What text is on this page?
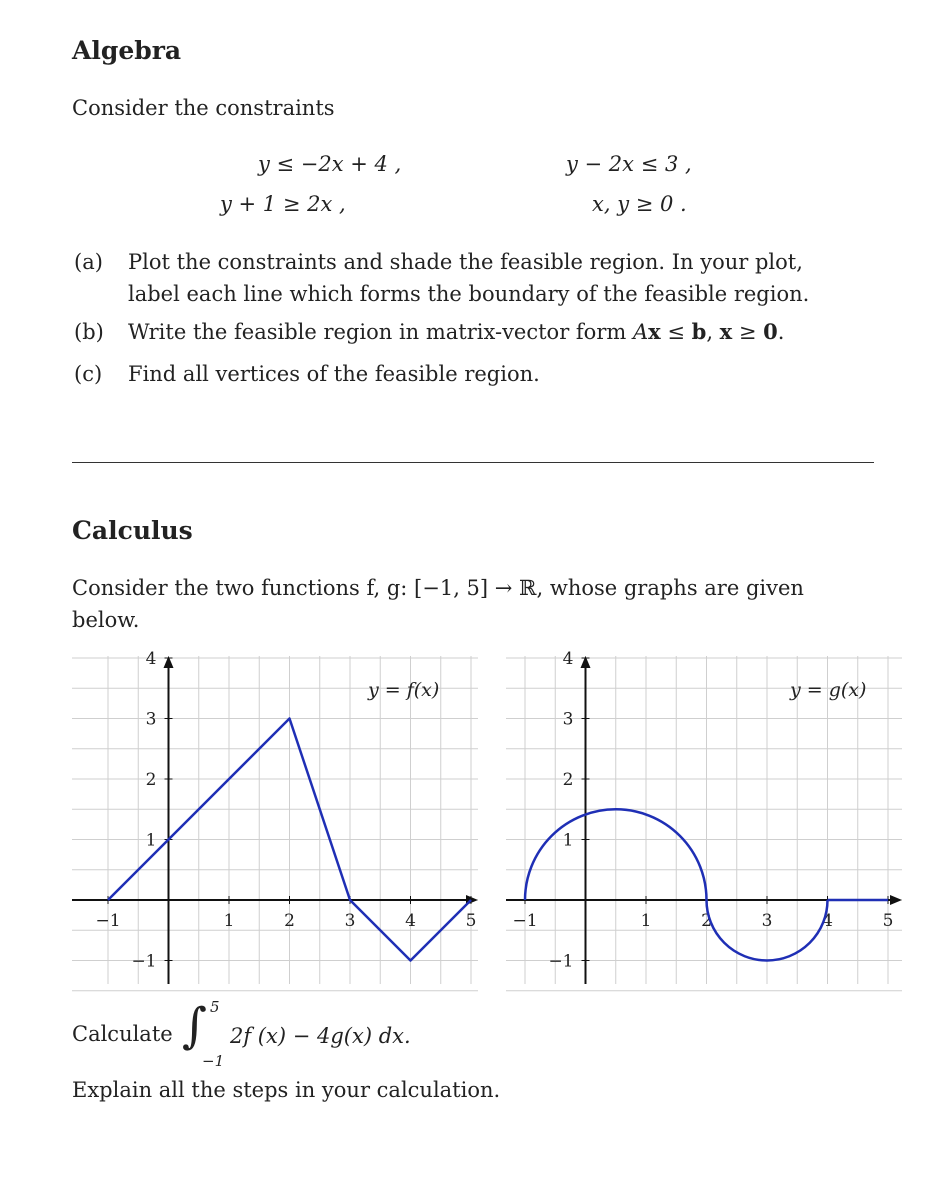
Algebra
Consider the constraints
y ≤ −2x + 4 ,	y − 2x ≤ 3 ,
y + 1 ≥ 2x ,	x, y ≥ 0 .
(a) Plot the constraints and shade the feasible region. In your plot,
label each line which forms the boundary of the feasible region.
(b) Write the feasible region in matrix-vector form Ax ≤ b, x ≥ 0.
(c) Find all vertices of the feasible region.
Calculus
Consider the two functions f, g: [−1, 5] → ℝ, whose graphs are given
below.
−1	1	2	3	4	5
4
3
2
1
−1
y = f(x)
−1	1	2	3	4	5
4
3
2
1
−1
y = g(x)
Calculate ∫ 5
−1
2f (x) − 4g(x) dx.
Explain all the steps in your calculation.
